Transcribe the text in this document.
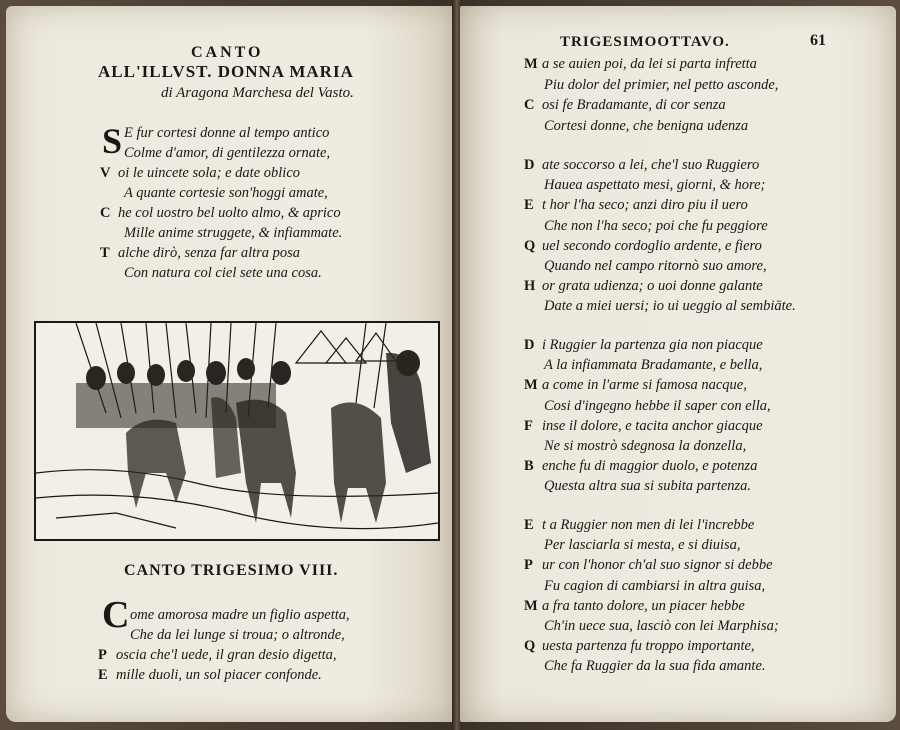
CANTO
ALL'ILLVST. DONNA MARIA
di Aragona Marchesa del Vasto.
S E fur cortesi donne al tempo antico
Colme d'amor, di gentilezza ornate,
V oi le uincete sola; e date oblico
A quante cortesie son'hoggi amate,
C he col uostro bel uolto almo, & aprico
Mille anime struggete, & infiammate.
T alche dirò, senza far altra posa
Con natura col ciel sete una cosa.
CANTO TRIGESIMO VIII.
C ome amorosa madre un figlio aspetta,
Che da lei lunge si troua; o altronde,
P oscia che'l uede, il gran desio digetta,
E mille duoli, un sol piacer confonde.
TRIGESIMOOTTAVO.	61
M a se auien poi, da lei si parta infretta
Piu dolor del primier, nel petto asconde,
C osi fe Bradamante, di cor senza
Cortesi donne, che benigna udenza
D ate soccorso a lei, che'l suo Ruggiero
Hauea aspettato mesi, giorni, & hore;
E t hor l'ha seco; anzi diro piu il uero
Che non l'ha seco; poi che fu peggiore
Q uel secondo cordoglio ardente, e fiero
Quando nel campo ritornò suo amore,
H or grata udienza; o uoi donne galante
Date a miei uersi; io ui ueggio al sembiāte.
D i Ruggier la partenza gia non piacque
A la infiammata Bradamante, e bella,
M a come in l'arme si famosa nacque,
Cosi d'ingegno hebbe il saper con ella,
F inse il dolore, e tacita anchor giacque
Ne si mostrò sdegnosa la donzella,
B enche fu di maggior duolo, e potenza
Questa altra sua si subita partenza.
E t a Ruggier non men di lei l'increbbe
Per lasciarla si mesta, e si diuisa,
P ur con l'honor ch'al suo signor si debbe
Fu cagion di cambiarsi in altra guisa,
M a fra tanto dolore, un piacer hebbe
Ch'in uece sua, lasciò con lei Marphisa;
Q uesta partenza fu troppo importante,
Che fa Ruggier da la sua fida amante.
